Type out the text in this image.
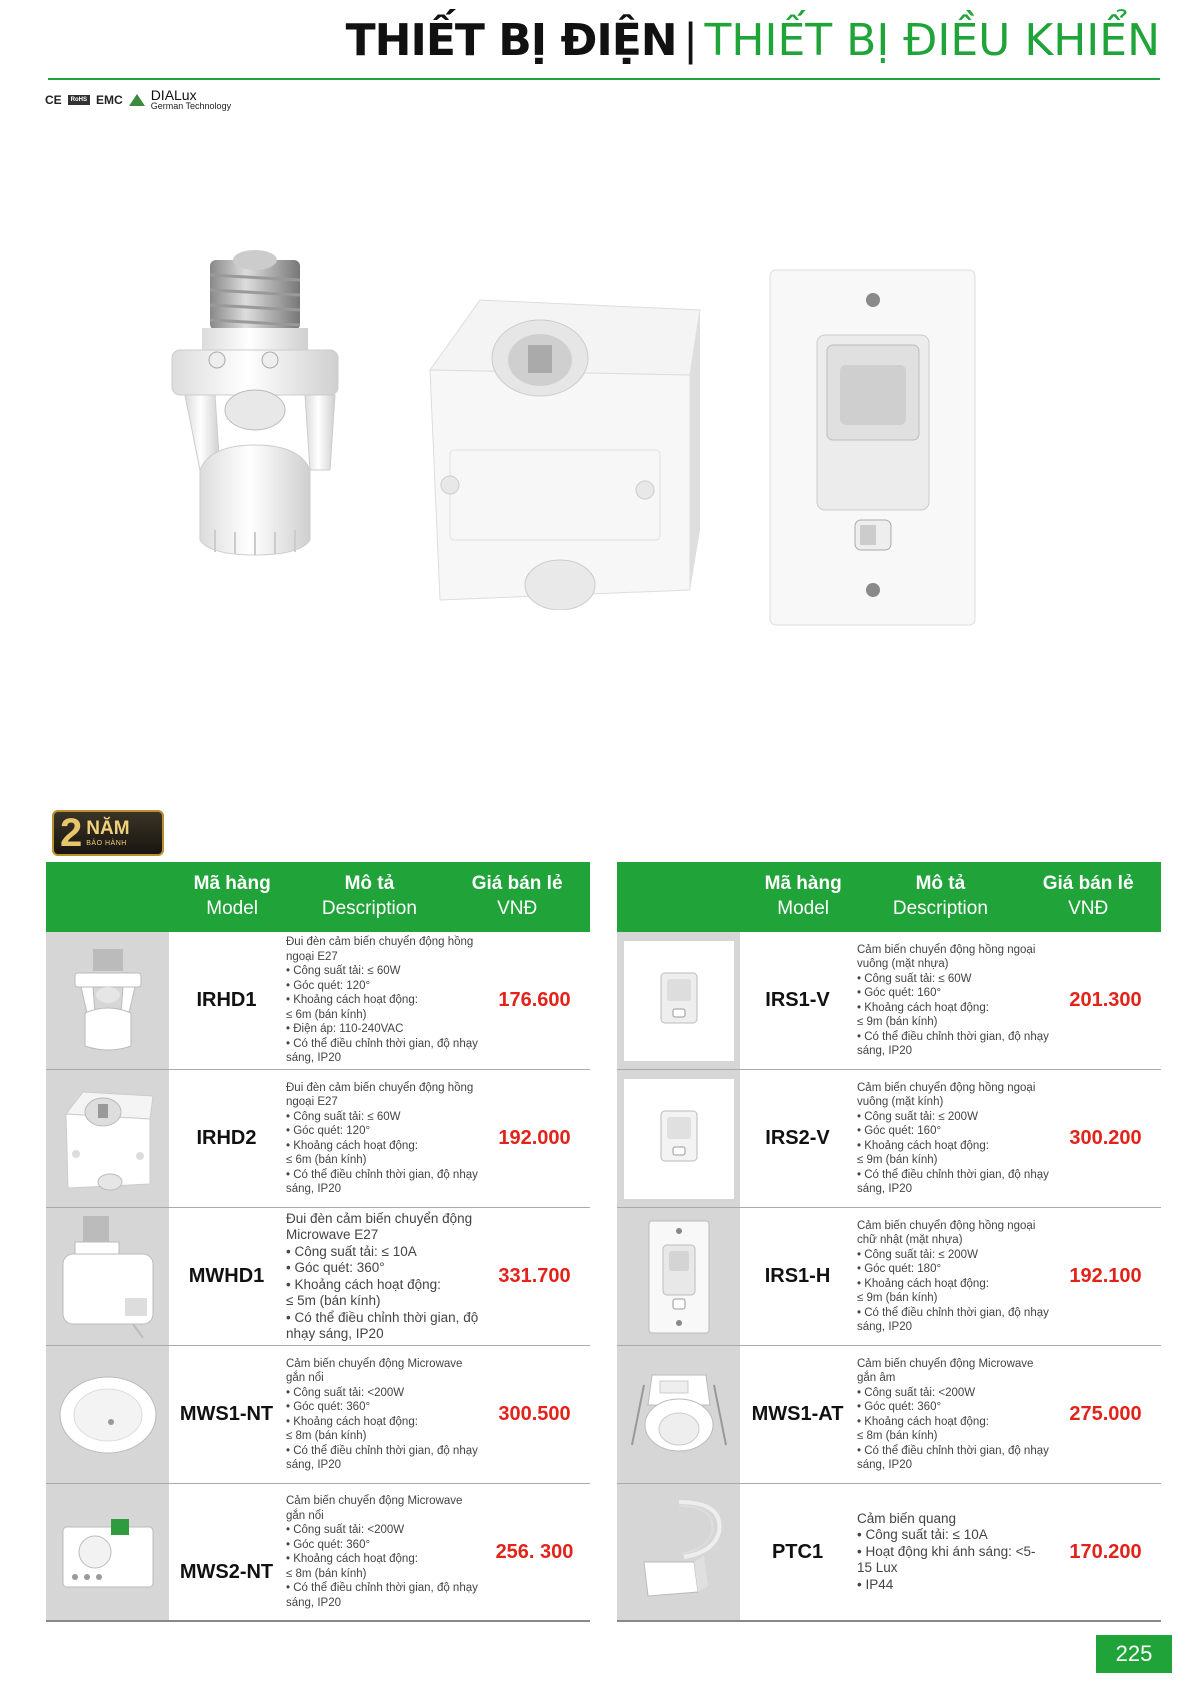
THIẾT BỊ ĐIỆN | THIẾT BỊ ĐIỀU KHIỂN
CE	RoHS EMC DIALux
German Technology
2 NĂM
BẢO HÀNH
Mã hàng
Model
Mô tả
Description
Giá bán lẻ
VNĐ
IRHD1
Đui đèn cảm biến chuyển động hồng ngoại E27
• Công suất tải: ≤ 60W
• Góc quét: 120°
• Khoảng cách hoạt động:
≤ 6m (bán kính)
• Điện áp: 110-240VAC
• Có thể điều chỉnh thời gian, độ nhạy sáng, IP20
176.600
IRHD2
Đui đèn cảm biến chuyển động hồng ngoại E27
• Công suất tải: ≤ 60W
• Góc quét: 120°
• Khoảng cách hoạt động:
≤ 6m (bán kính)
• Có thể điều chỉnh thời gian, độ nhạy sáng, IP20
192.000
MWHD1
Đui đèn cảm biến chuyển động Microwave E27
• Công suất tải: ≤ 10A
• Góc quét: 360°
• Khoảng cách hoạt động:
≤ 5m (bán kính)
• Có thể điều chỉnh thời gian, độ nhạy sáng, IP20
331.700
MWS1-NT
Cảm biến chuyển động Microwave gắn nổi
• Công suất tải: <200W
• Góc quét: 360°
• Khoảng cách hoạt động:
≤ 8m (bán kính)
• Có thể điều chỉnh thời gian, độ nhạy sáng, IP20
300.500
MWS2-NT
Cảm biến chuyển động Microwave gắn nổi
• Công suất tải: <200W
• Góc quét: 360°
• Khoảng cách hoạt động:
≤ 8m (bán kính)
• Có thể điều chỉnh thời gian, độ nhạy sáng, IP20
256. 300
Mã hàng
Model
Mô tả
Description
Giá bán lẻ
VNĐ
IRS1-V
Cảm biến chuyển động hồng ngoại vuông (mặt nhựa)
• Công suất tải: ≤ 60W
• Góc quét: 160°
• Khoảng cách hoạt động:
≤ 9m (bán kính)
• Có thể điều chỉnh thời gian, độ nhạy sáng, IP20
201.300
IRS2-V
Cảm biến chuyển động hồng ngoại vuông (mặt kính)
• Công suất tải: ≤ 200W
• Góc quét: 160°
• Khoảng cách hoạt động:
≤ 9m (bán kính)
• Có thể điều chỉnh thời gian, độ nhạy sáng, IP20
300.200
IRS1-H
Cảm biến chuyển động hồng ngoại chữ nhật (mặt nhựa)
• Công suất tải: ≤ 200W
• Góc quét: 180°
• Khoảng cách hoạt động:
≤ 9m (bán kính)
• Có thể điều chỉnh thời gian, độ nhạy sáng, IP20
192.100
MWS1-AT
Cảm biến chuyển động Microwave gắn âm
• Công suất tải: <200W
• Góc quét: 360°
• Khoảng cách hoạt động:
≤ 8m (bán kính)
• Có thể điều chỉnh thời gian, độ nhạy sáng, IP20
275.000
PTC1
Cảm biến quang
• Công suất tải: ≤ 10A
• Hoạt động khi ánh sáng: <5-15 Lux
• IP44
170.200
225
